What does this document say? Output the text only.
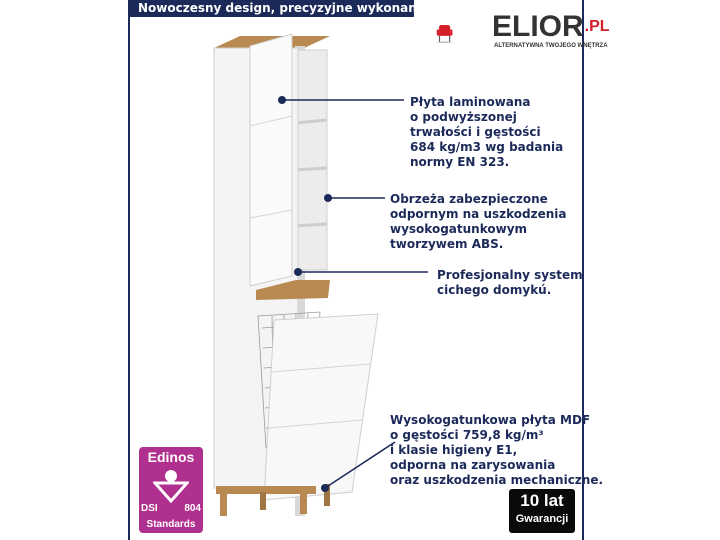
Nowoczesny design, precyzyjne wykonanie!
$ELIOR^{.PL}$
ALTERNATYWNA TWOJEGO WNĘTRZA
Płyta laminowana
o podwyższonej
trwałości i gęstości
684 kg/m3 wg badania
normy EN 323.
Obrzeża zabezpieczone
odpornym na uszkodzenia
wysokogatunkowym
tworzywem ABS.
Profesjonalny system
cichego domykú.
Wysokogatunkowa płyta MDF
o gęstości 759,8 kg/m³
i klasie higieny E1,
odporna na zarysowania
oraz uszkodzenia mechaniczne.
Edinos
DSI	804
Standards
10 lat
Gwarancji
